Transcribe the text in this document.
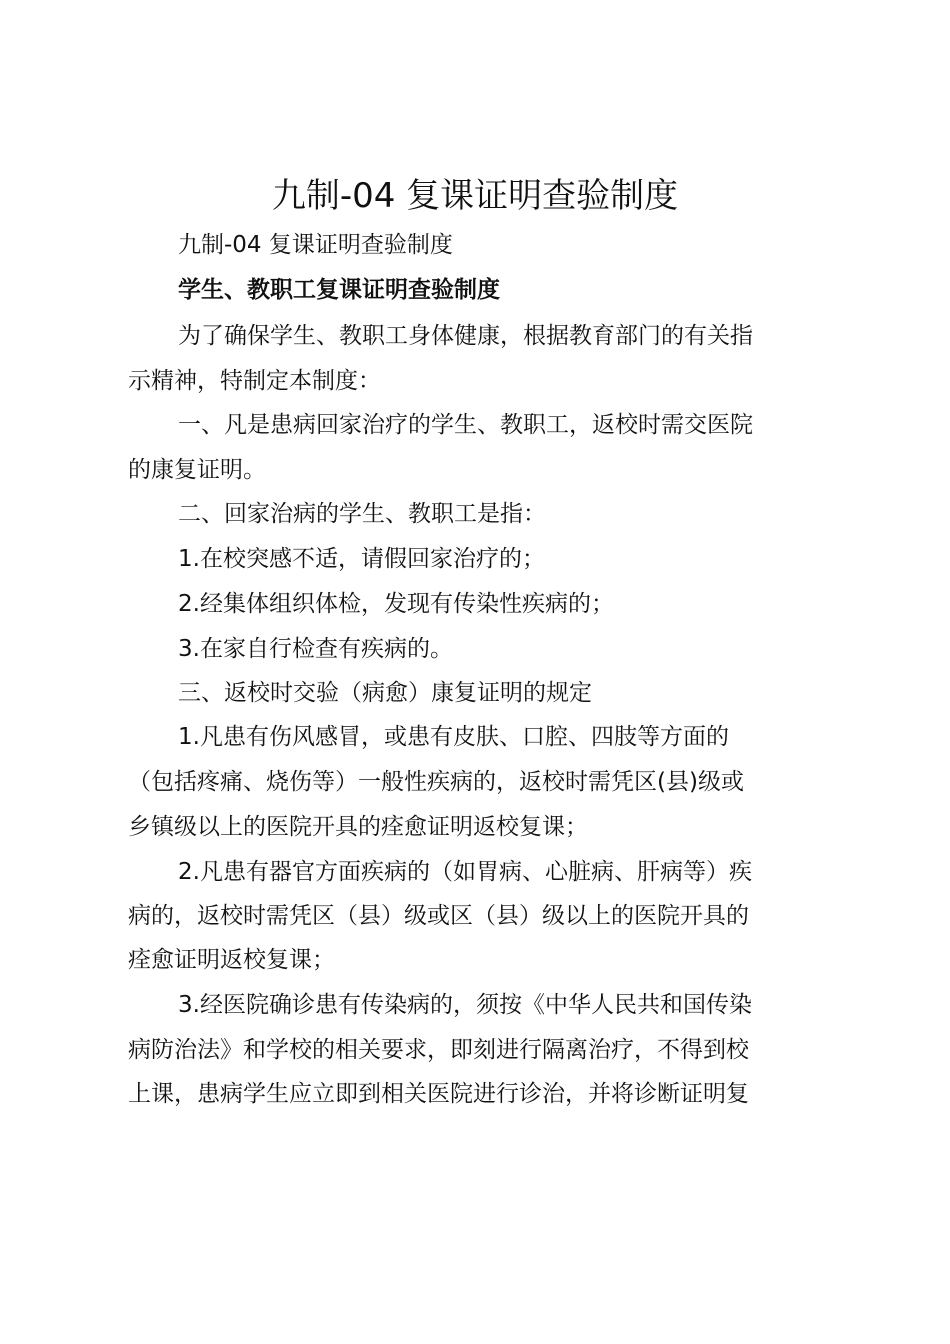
九制-04 复课证明查验制度
九制-04 复课证明查验制度
学生、教职工复课证明查验制度
为了确保学生、教职工身体健康，根据教育部门的有关指
示精神，特制定本制度：
一、凡是患病回家治疗的学生、教职工，返校时需交医院
的康复证明。
二、回家治病的学生、教职工是指：
1.在校突感不适，请假回家治疗的；
2.经集体组织体检，发现有传染性疾病的；
3.在家自行检查有疾病的。
三、返校时交验（病愈）康复证明的规定
1.凡患有伤风感冒，或患有皮肤、口腔、四肢等方面的
（包括疼痛、烧伤等）一般性疾病的，返校时需凭区(县)级或
乡镇级以上的医院开具的痊愈证明返校复课；
2.凡患有器官方面疾病的（如胃病、心脏病、肝病等）疾
病的，返校时需凭区（县）级或区（县）级以上的医院开具的
痊愈证明返校复课；
3.经医院确诊患有传染病的，须按《中华人民共和国传染
病防治法》和学校的相关要求，即刻进行隔离治疗，不得到校
上课，患病学生应立即到相关医院进行诊治，并将诊断证明复
